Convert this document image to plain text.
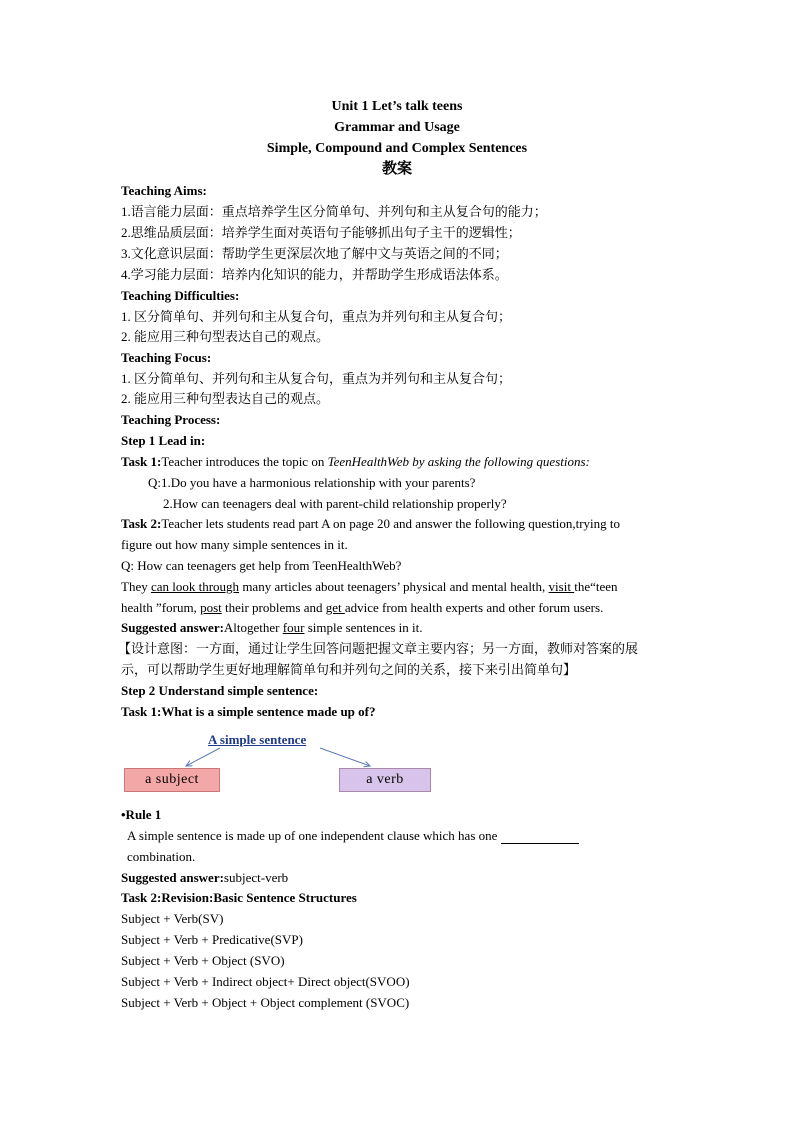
Unit 1 Let’s talk teens
Grammar and Usage
Simple, Compound and Complex Sentences
教案
Teaching Aims:
1.语言能力层面：重点培养学生区分简单句、并列句和主从复合句的能力；
2.思维品质层面：培养学生面对英语句子能够抓出句子主干的逻辑性；
3.文化意识层面：帮助学生更深层次地了解中文与英语之间的不同；
4.学习能力层面：培养内化知识的能力，并帮助学生形成语法体系。
Teaching Difficulties:
1. 区分简单句、并列句和主从复合句，重点为并列句和主从复合句；
2. 能应用三种句型表达自己的观点。
Teaching Focus:
1. 区分简单句、并列句和主从复合句，重点为并列句和主从复合句；
2. 能应用三种句型表达自己的观点。
Teaching Process:
Step 1 Lead in:
Task 1:Teacher introduces the topic on TeenHealthWeb by asking the following questions:
Q:1.Do you have a harmonious relationship with your parents?
2.How can teenagers deal with parent-child relationship properly?
Task 2:Teacher lets students read part A on page 20 and answer the following question,trying to
figure out how many simple sentences in it.
Q: How can teenagers get help from TeenHealthWeb?
They can look through many articles about teenagers’ physical and mental health, visit the“teen
health ”forum, post their problems and get advice from health experts and other forum users.
Suggested answer:Altogether four simple sentences in it.
【设计意图：一方面，通过让学生回答问题把握文章主要内容；另一方面，教师对答案的展
示，可以帮助学生更好地理解简单句和并列句之间的关系，接下来引出简单句】
Step 2 Understand simple sentence:
Task 1:What is a simple sentence made up of?
A simple sentence
a subject	a verb
•Rule 1
A simple sentence is made up of one independent clause which has one
combination.
Suggested answer:subject-verb
Task 2:Revision:Basic Sentence Structures
Subject + Verb(SV)
Subject + Verb + Predicative(SVP)
Subject + Verb + Object (SVO)
Subject + Verb + Indirect object+ Direct object(SVOO)
Subject + Verb + Object + Object complement (SVOC)
